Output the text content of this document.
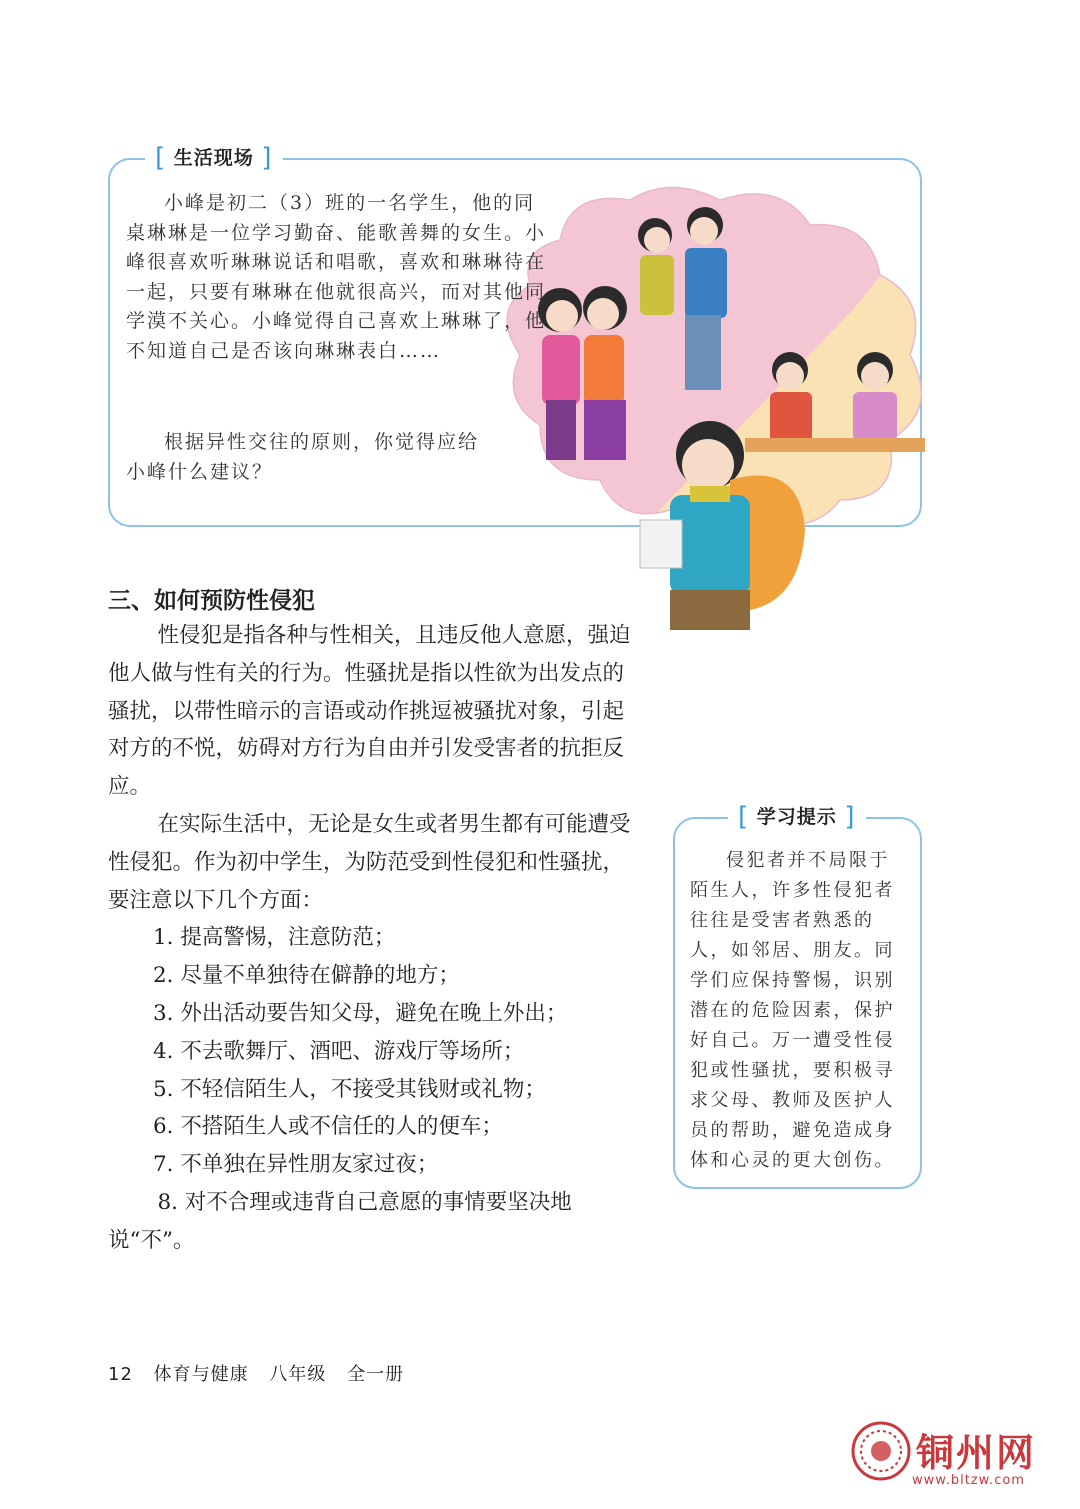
[ 生活现场 ]

小峰是初二（3）班的一名学生，他的同桌琳琳是一位学习勤奋、能歌善舞的女生。小峰很喜欢听琳琳说话和唱歌，喜欢和琳琳待在一起，只要有琳琳在他就很高兴，而对其他同学漠不关心。小峰觉得自己喜欢上琳琳了，他不知道自己是否该向琳琳表白……

根据异性交往的原则，你觉得应给小峰什么建议？

三、如何预防性侵犯

性侵犯是指各种与性相关，且违反他人意愿，强迫他人做与性有关的行为。性骚扰是指以性欲为出发点的骚扰，以带性暗示的言语或动作挑逗被骚扰对象，引起对方的不悦，妨碍对方行为自由并引发受害者的抗拒反应。

在实际生活中，无论是女生或者男生都有可能遭受性侵犯。作为初中学生，为防范受到性侵犯和性骚扰，要注意以下几个方面：

1. 提高警惕，注意防范；

2. 尽量不单独待在僻静的地方；

3. 外出活动要告知父母，避免在晚上外出；

4. 不去歌舞厅、酒吧、游戏厅等场所；

5. 不轻信陌生人，不接受其钱财或礼物；

6. 不搭陌生人或不信任的人的便车；

7. 不单独在异性朋友家过夜；

8. 对不合理或违背自己意愿的事情要坚决地说“不”。

[ 学习提示 ]

侵犯者并不局限于陌生人，许多性侵犯者往往是受害者熟悉的人，如邻居、朋友。同学们应保持警惕，识别潜在的危险因素，保护好自己。万一遭受性侵犯或性骚扰，要积极寻求父母、教师及医护人员的帮助，避免造成身体和心灵的更大创伤。

12 体育与健康 八年级 全一册
铜州网
www.bltzw.com
